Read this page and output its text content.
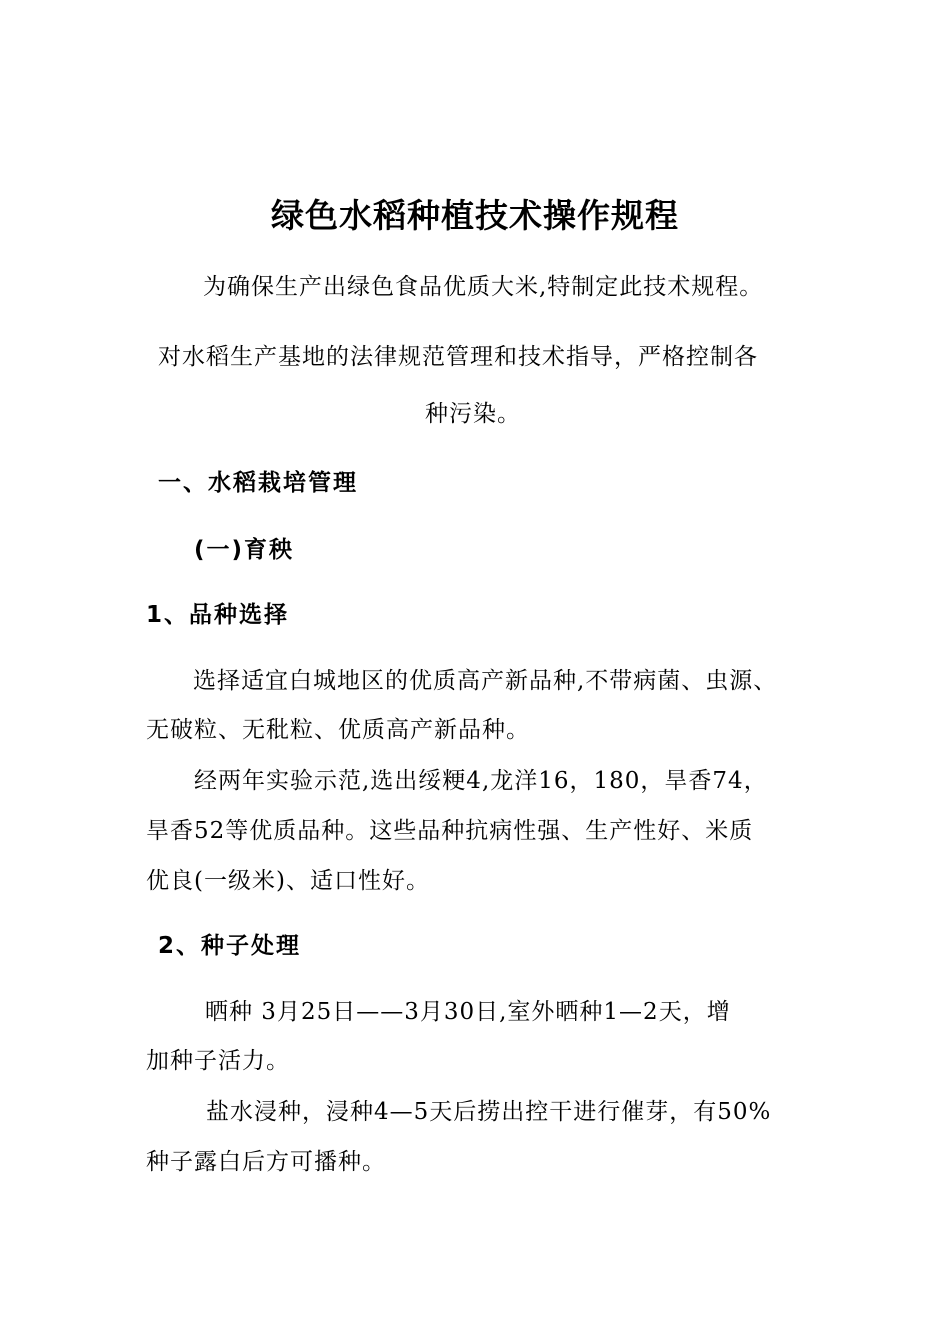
绿色水稻种植技术操作规程
为确保生产出绿色食品优质大米,特制定此技术规程。
对水稻生产基地的法律规范管理和技术指导，严格控制各
种污染。
一、水稻栽培管理
(一)育秧
1、品种选择
选择适宜白城地区的优质高产新品种,不带病菌、虫源、
无破粒、无秕粒、优质高产新品种。
经两年实验示范,选出绥粳4,龙洋16，180，旱香74，
旱香52等优质品种。这些品种抗病性强、生产性好、米质
优良(一级米)、适口性好。
2、种子处理
晒种 3月25日——3月30日,室外晒种1—2天，增
加种子活力。
盐水浸种，浸种4—5天后捞出控干进行催芽，有50%
种子露白后方可播种。
